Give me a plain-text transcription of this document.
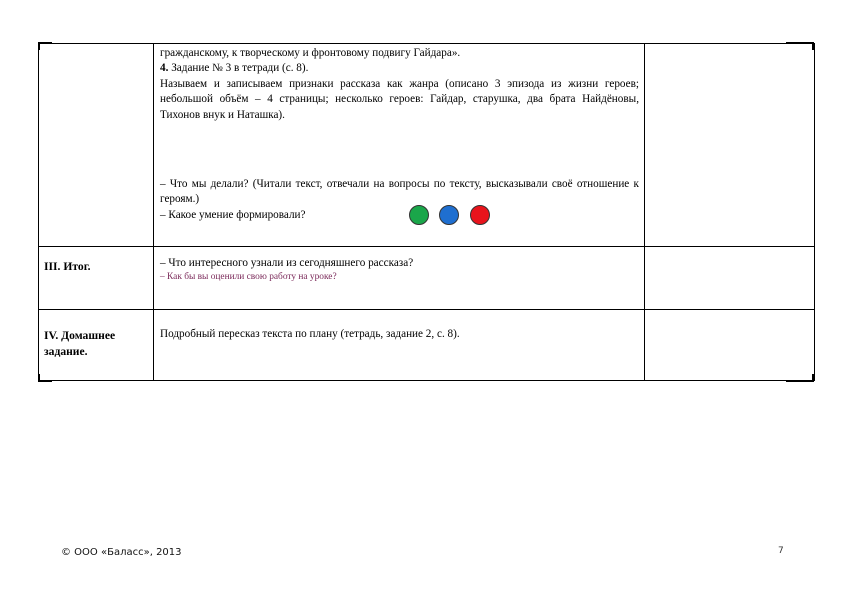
	гражданскому, к творческому и фронтовому подвигу Гайдара».

4. Задание № 3 в тетради (с. 8).

Называем и записываем признаки рассказа как жанра (описано 3 эпизода из жизни героев; небольшой объём – 4 страницы; несколько героев: Гайдар, старушка, два брата Найдёновы, Тихонов внук и Наташка).

– Что мы делали? (Читали текст, отвечали на вопросы по тексту, высказывали своё отношение к героям.)

– Какое умение формировали?	

III. Итог.	– Что интересного узнали из сегодняшнего рассказа?

– Как бы вы оценили свою работу на уроке?	

IV. Домашнее задание.	Подробный пересказ текста по плану (тетрадь, задание 2, с. 8).	

© ООО «Баласс», 2013	7
